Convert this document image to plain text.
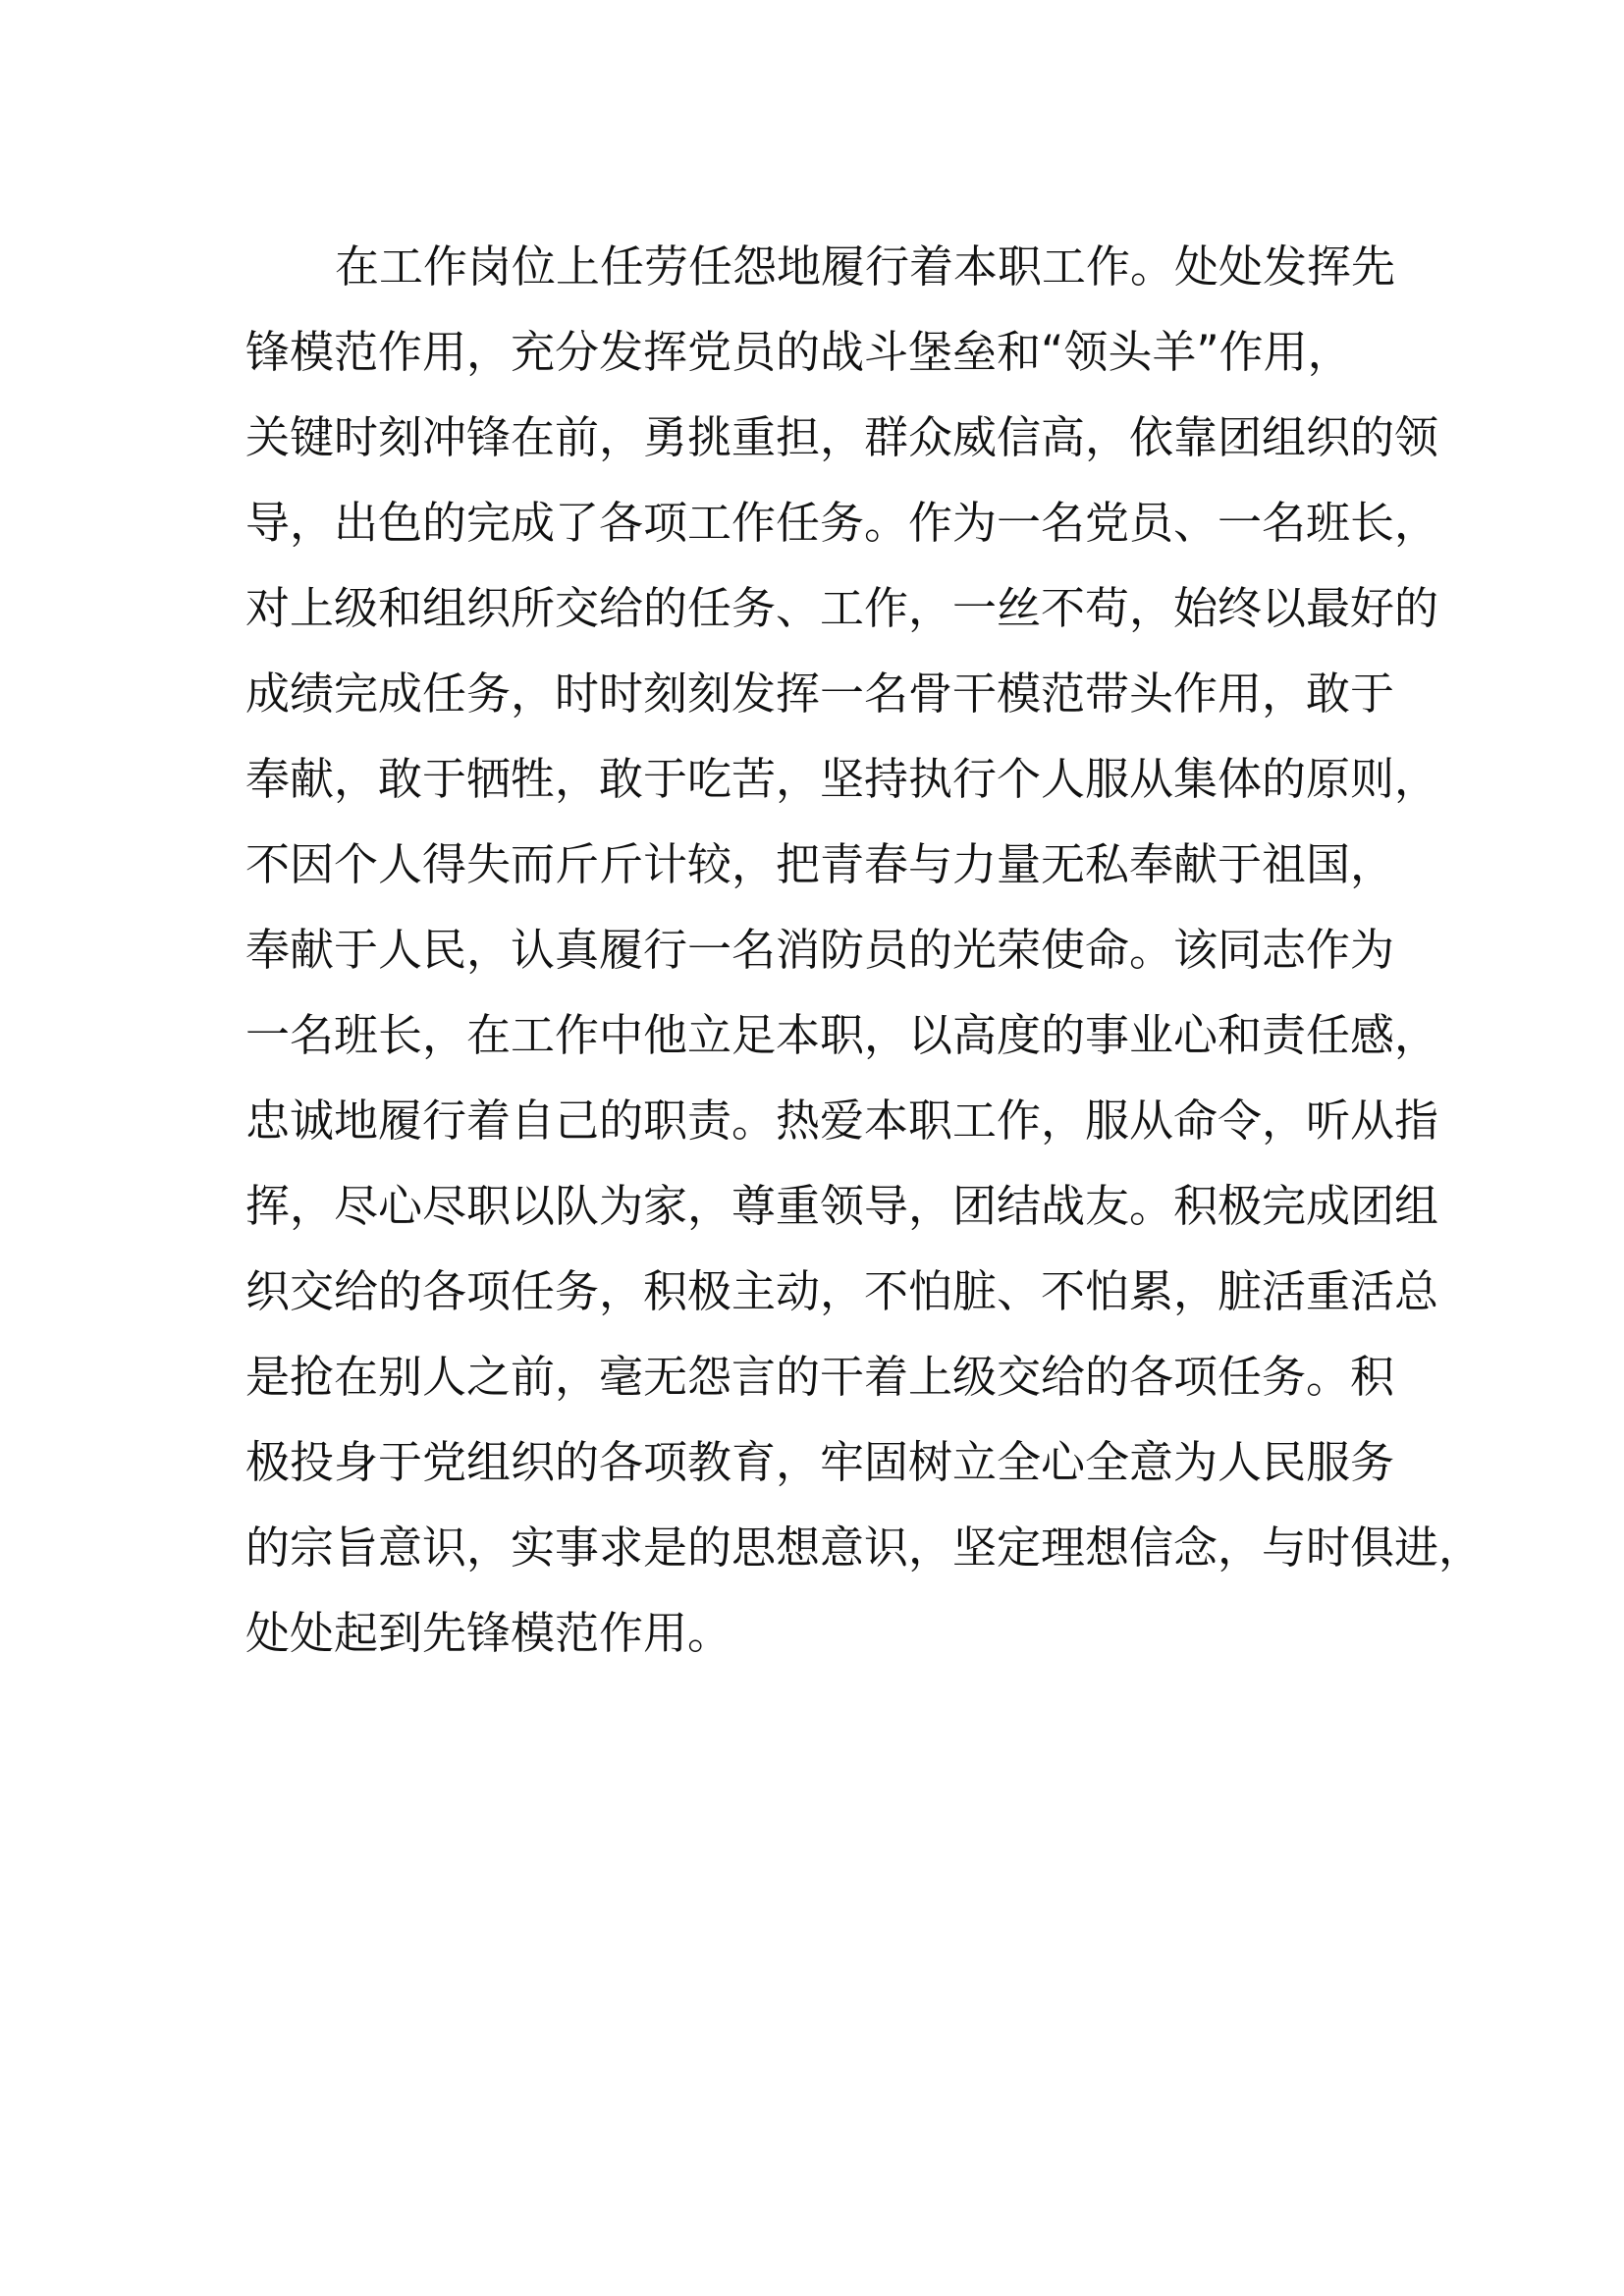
在工作岗位上任劳任怨地履行着本职工作。处处发挥先
锋模范作用，充分发挥党员的战斗堡垒和“领头羊”作用，
关键时刻冲锋在前，勇挑重担，群众威信高，依靠团组织的领
导，出色的完成了各项工作任务。作为一名党员、一名班长，
对上级和组织所交给的任务、工作，一丝不苟，始终以最好的
成绩完成任务，时时刻刻发挥一名骨干模范带头作用，敢于
奉献，敢于牺牲，敢于吃苦，坚持执行个人服从集体的原则，
不因个人得失而斤斤计较，把青春与力量无私奉献于祖国，
奉献于人民，认真履行一名消防员的光荣使命。该同志作为
一名班长，在工作中他立足本职，以高度的事业心和责任感，
忠诚地履行着自己的职责。热爱本职工作，服从命令，听从指
挥，尽心尽职以队为家，尊重领导，团结战友。积极完成团组
织交给的各项任务，积极主动，不怕脏、不怕累，脏活重活总
是抢在别人之前，毫无怨言的干着上级交给的各项任务。积
极投身于党组织的各项教育，牢固树立全心全意为人民服务
的宗旨意识，实事求是的思想意识，坚定理想信念，与时俱进，
处处起到先锋模范作用。
